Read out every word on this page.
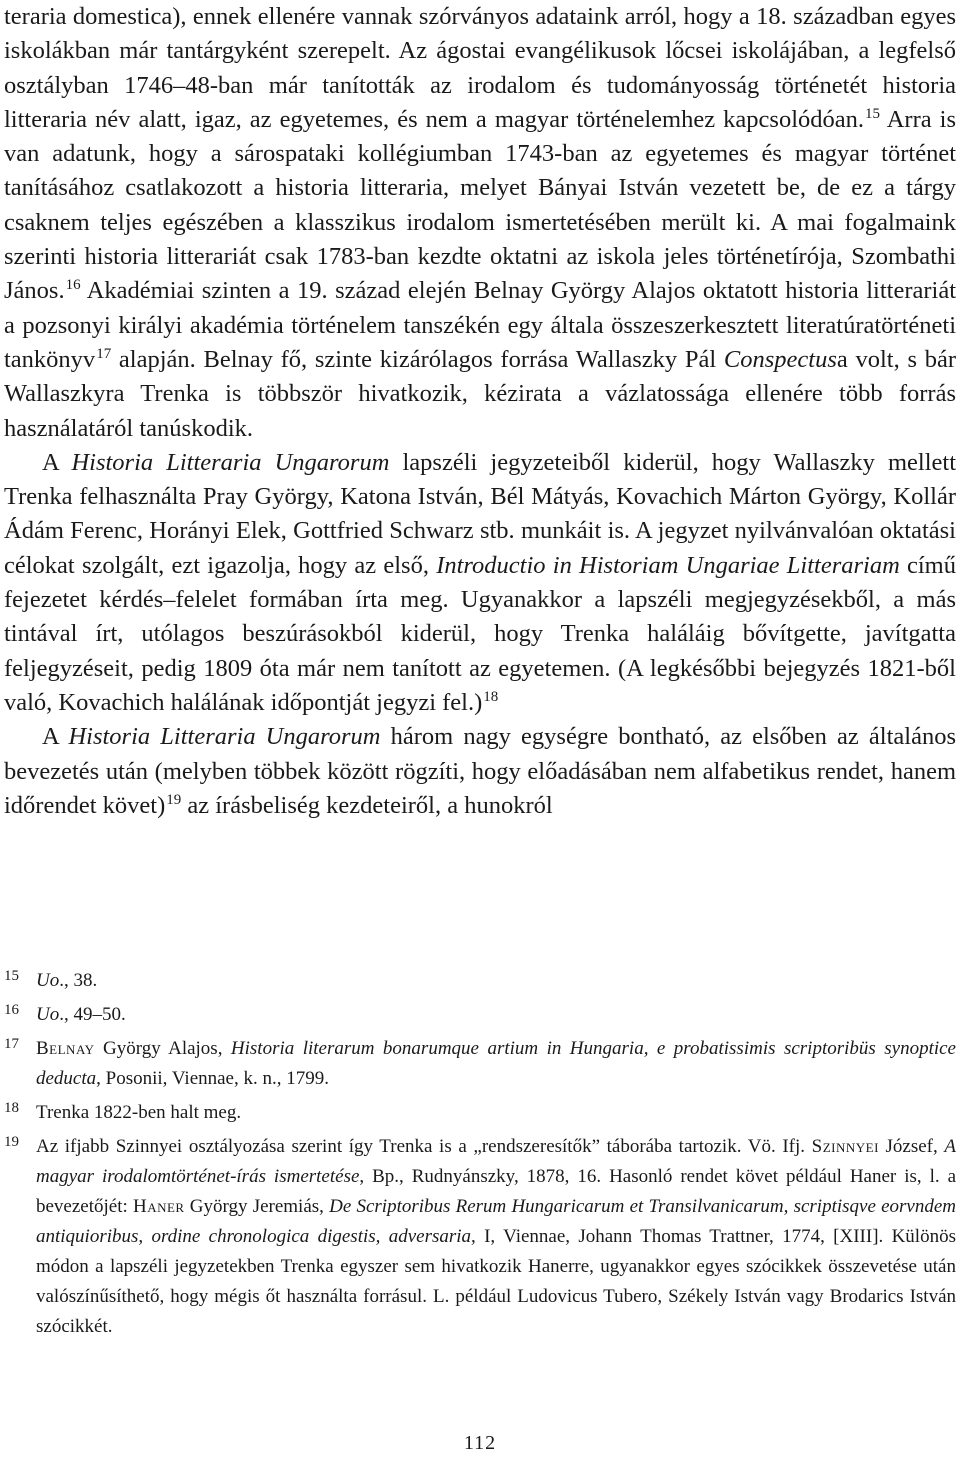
teraria domestica), ennek ellenére vannak szórványos adataink arról, hogy a 18. században egyes iskolákban már tantárgyként szerepelt. Az ágostai evangélikusok lőcsei iskolájában, a legfelső osztályban 1746–48-ban már tanították az irodalom és tudományosság történetét historia litteraria név alatt, igaz, az egyetemes, és nem a magyar történelemhez kapcsolódóan.$^{15}$ Arra is van adatunk, hogy a sárospataki kollégiumban 1743-ban az egyetemes és magyar történet tanításához csatlakozott a historia litteraria, melyet Bányai István vezetett be, de ez a tárgy csaknem teljes egészében a klasszikus irodalom ismertetésében merült ki. A mai fogalmaink szerinti historia litterariát csak 1783-ban kezdte oktatni az iskola jeles történetírója, Szombathi János.$^{16}$ Akadémiai szinten a 19. század elején Belnay György Alajos oktatott historia litterariát a pozsonyi királyi akadémia történelem tanszékén egy általa összeszerkesztett literatúratörténeti tankönyv$^{17}$ alapján. Belnay fő, szinte kizárólagos forrása Wallaszky Pál Conspectusa volt, s bár Wallaszkyra Trenka is többször hivatkozik, kézirata a vázlatossága ellenére több forrás használatáról tanúskodik.

A Historia Litteraria Ungarorum lapszéli jegyzeteiből kiderül, hogy Wallaszky mellett Trenka felhasználta Pray György, Katona István, Bél Mátyás, Kovachich Márton György, Kollár Ádám Ferenc, Horányi Elek, Gottfried Schwarz stb. munkáit is. A jegyzet nyilvánvalóan oktatási célokat szolgált, ezt igazolja, hogy az első, Introductio in Historiam Ungariae Litterariam című fejezetet kérdés–felelet formában írta meg. Ugyanakkor a lapszéli megjegyzésekből, a más tintával írt, utólagos beszúrásokból kiderül, hogy Trenka haláláig bővítgette, javítgatta feljegyzéseit, pedig 1809 óta már nem tanított az egyetemen. (A legkésőbbi bejegyzés 1821-ből való, Kovachich halálának időpontját jegyzi fel.)$^{18}$

A Historia Litteraria Ungarorum három nagy egységre bontható, az elsőben az általános bevezetés után (melyben többek között rögzíti, hogy előadásában nem alfabetikus rendet, hanem időrendet követ)$^{19}$ az írásbeliség kezdeteiről, a hunokról

15 Uo., 38.
16 Uo., 49–50.
17 Belnay György Alajos, Historia literarum bonarumque artium in Hungaria, e probatissimis scriptoribüs synoptice deducta, Posonii, Viennae, k. n., 1799.
18 Trenka 1822-ben halt meg.
19 Az ifjabb Szinnyei osztályozása szerint így Trenka is a „rendszeresítők” táborába tartozik. Vö. Ifj. Szinnyei József, A magyar irodalomtörténet-írás ismertetése, Bp., Rudnyánszky, 1878, 16. Hasonló rendet követ például Haner is, l. a bevezetőjét: Haner György Jeremiás, De Scriptoribus Rerum Hungaricarum et Transilvanicarum, scriptisqve eorvndem antiquioribus, ordine chronologica digestis, adversaria, I, Viennae, Johann Thomas Trattner, 1774, [XIII]. Különös módon a lapszéli jegyzetekben Trenka egyszer sem hivatkozik Hanerre, ugyanakkor egyes szócikkek összevetése után valószínűsíthető, hogy mégis őt használta forrásul. L. például Ludovicus Tubero, Székely István vagy Brodarics István szócikkét.
112
